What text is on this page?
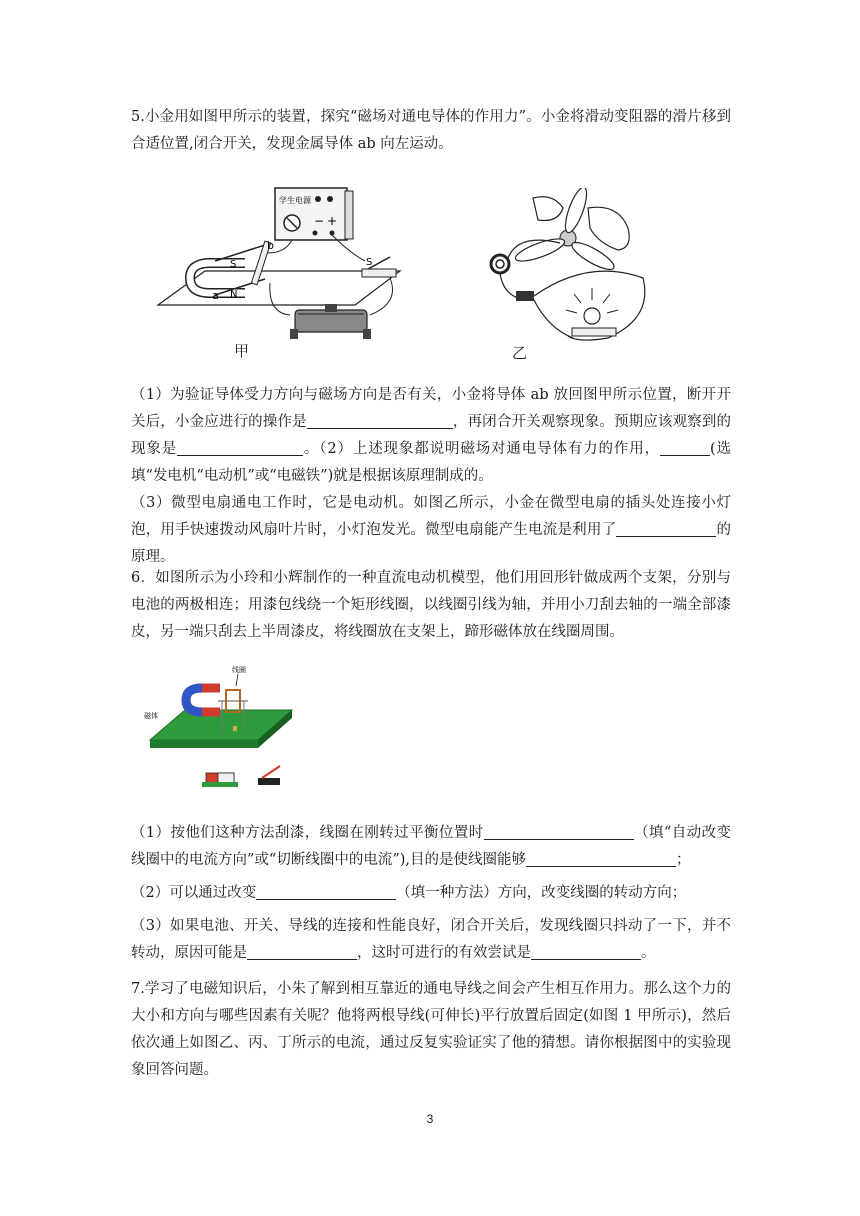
5.小金用如图甲所示的装置，探究“磁场对通电导体的作用力”。小金将滑动变阻器的滑片移到合适位置,闭合开关，发现金属导体 ab 向左运动。

学生电源
− +
S
N
b
a
S
甲	乙

（1）为验证导体受力方向与磁场方向是否有关，小金将导体 ab 放回图甲所示位置，断开开关后，小金应进行的操作是	，再闭合开关观察现象。预期应该观察到的现象是	。（2）上述现象都说明磁场对通电导体有力的作用，	(选填“发电机“电动机”或“电磁铁”)就是根据该原理制成的。

（3）微型电扇通电工作时，它是电动机。如图乙所示，小金在微型电扇的插头处连接小灯泡，用手快速拨动风扇叶片时，小灯泡发光。微型电扇能产生电流是利用了	的原理。

6．如图所示为小玲和小辉制作的一种直流电动机模型，他们用回形针做成两个支架，分别与电池的两极相连；用漆包线绕一个矩形线圈，以线圈引线为轴，并用小刀刮去轴的一端全部漆皮，另一端只刮去上半周漆皮，将线圈放在支架上，蹄形磁体放在线圈周围。

线圈
磁体

（1）按他们这种方法刮漆，线圈在刚转过平衡位置时	（填“自动改变线圈中的电流方向”或“切断线圈中的电流”),目的是使线圈能够	；

（2）可以通过改变	（填一种方法）方向，改变线圈的转动方向；

（3）如果电池、开关、导线的连接和性能良好，闭合开关后，发现线圈只抖动了一下，并不转动，原因可能是	，这时可进行的有效尝试是	。

7.学习了电磁知识后，小朱了解到相互靠近的通电导线之间会产生相互作用力。那么这个力的大小和方向与哪些因素有关呢？他将两根导线(可伸长)平行放置后固定(如图 1 甲所示)，然后依次通上如图乙、丙、丁所示的电流，通过反复实验证实了他的猜想。请你根据图中的实验现象回答问题。

3
